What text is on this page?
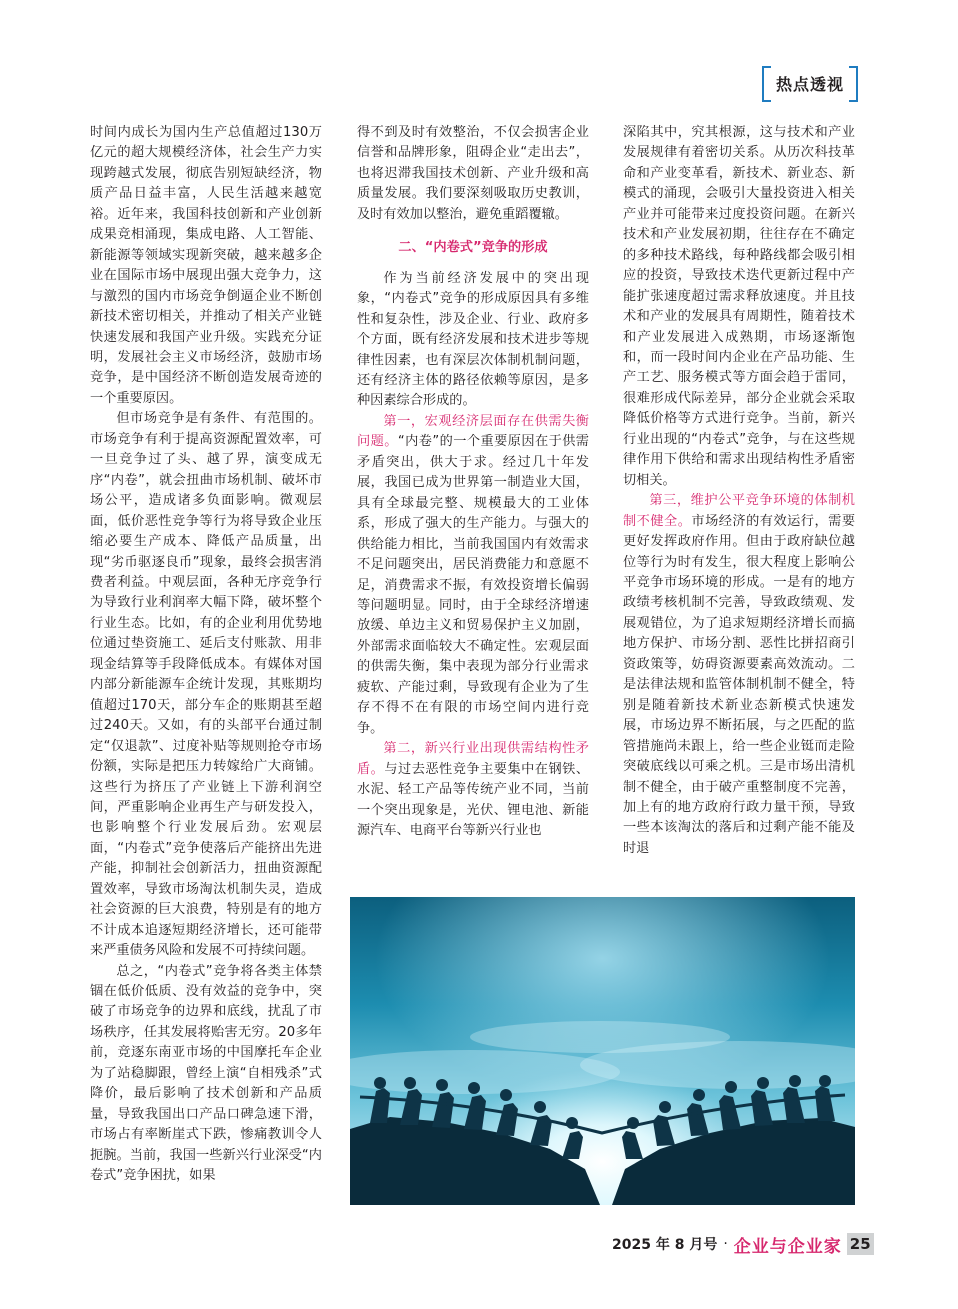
热点透视

时间内成长为国内生产总值超过130万亿元的超大规模经济体，社会生产力实现跨越式发展，彻底告别短缺经济，物质产品日益丰富，人民生活越来越宽裕。近年来，我国科技创新和产业创新成果竞相涌现，集成电路、人工智能、新能源等领域实现新突破，越来越多企业在国际市场中展现出强大竞争力，这与激烈的国内市场竞争倒逼企业不断创新技术密切相关，并推动了相关产业链快速发展和我国产业升级。实践充分证明，发展社会主义市场经济，鼓励市场竞争，是中国经济不断创造发展奇迹的一个重要原因。

但市场竞争是有条件、有范围的。市场竞争有利于提高资源配置效率，可一旦竞争过了头、越了界，演变成无序“内卷”，就会扭曲市场机制、破坏市场公平，造成诸多负面影响。微观层面，低价恶性竞争等行为将导致企业压缩必要生产成本、降低产品质量，出现“劣币驱逐良币”现象，最终会损害消费者利益。中观层面，各种无序竞争行为导致行业利润率大幅下降，破坏整个行业生态。比如，有的企业利用优势地位通过垫资施工、延后支付账款、用非现金结算等手段降低成本。有媒体对国内部分新能源车企统计发现，其账期均值超过170天，部分车企的账期甚至超过240天。又如，有的头部平台通过制定“仅退款”、过度补贴等规则抢夺市场份额，实际是把压力转嫁给广大商铺。这些行为挤压了产业链上下游利润空间，严重影响企业再生产与研发投入，也影响整个行业发展后劲。宏观层面，“内卷式”竞争使落后产能挤出先进产能，抑制社会创新活力，扭曲资源配置效率，导致市场淘汰机制失灵，造成社会资源的巨大浪费，特别是有的地方不计成本追逐短期经济增长，还可能带来严重债务风险和发展不可持续问题。

总之，“内卷式”竞争将各类主体禁锢在低价低质、没有效益的竞争中，突破了市场竞争的边界和底线，扰乱了市场秩序，任其发展将贻害无穷。20多年前，竞逐东南亚市场的中国摩托车企业为了站稳脚跟，曾经上演“自相残杀”式降价，最后影响了技术创新和产品质量，导致我国出口产品口碑急速下滑，市场占有率断崖式下跌，惨痛教训令人扼腕。当前，我国一些新兴行业深受“内卷式”竞争困扰，如果

得不到及时有效整治，不仅会损害企业信誉和品牌形象，阻碍企业“走出去”，也将迟滞我国技术创新、产业升级和高质量发展。我们要深刻吸取历史教训，及时有效加以整治，避免重蹈覆辙。

二、“内卷式”竞争的形成

作为当前经济发展中的突出现象，“内卷式”竞争的形成原因具有多维性和复杂性，涉及企业、行业、政府多个方面，既有经济发展和技术进步等规律性因素，也有深层次体制机制问题，还有经济主体的路径依赖等原因，是多种因素综合形成的。

第一，宏观经济层面存在供需失衡问题。“内卷”的一个重要原因在于供需矛盾突出，供大于求。经过几十年发展，我国已成为世界第一制造业大国，具有全球最完整、规模最大的工业体系，形成了强大的生产能力。与强大的供给能力相比，当前我国国内有效需求不足问题突出，居民消费能力和意愿不足，消费需求不振，有效投资增长偏弱等问题明显。同时，由于全球经济增速放缓、单边主义和贸易保护主义加剧，外部需求面临较大不确定性。宏观层面的供需失衡，集中表现为部分行业需求疲软、产能过剩，导致现有企业为了生存不得不在有限的市场空间内进行竞争。

第二，新兴行业出现供需结构性矛盾。与过去恶性竞争主要集中在钢铁、水泥、轻工产品等传统产业不同，当前一个突出现象是，光伏、锂电池、新能源汽车、电商平台等新兴行业也

深陷其中，究其根源，这与技术和产业发展规律有着密切关系。从历次科技革命和产业变革看，新技术、新业态、新模式的涌现，会吸引大量投资进入相关产业并可能带来过度投资问题。在新兴技术和产业发展初期，往往存在不确定的多种技术路线，每种路线都会吸引相应的投资，导致技术迭代更新过程中产能扩张速度超过需求释放速度。并且技术和产业的发展具有周期性，随着技术和产业发展进入成熟期，市场逐渐饱和，而一段时间内企业在产品功能、生产工艺、服务模式等方面会趋于雷同，很难形成代际差异，部分企业就会采取降低价格等方式进行竞争。当前，新兴行业出现的“内卷式”竞争，与在这些规律作用下供给和需求出现结构性矛盾密切相关。

第三，维护公平竞争环境的体制机制不健全。市场经济的有效运行，需要更好发挥政府作用。但由于政府缺位越位等行为时有发生，很大程度上影响公平竞争市场环境的形成。一是有的地方政绩考核机制不完善，导致政绩观、发展观错位，为了追求短期经济增长而搞地方保护、市场分割、恶性比拼招商引资政策等，妨碍资源要素高效流动。二是法律法规和监管体制机制不健全，特别是随着新技术新业态新模式快速发展，市场边界不断拓展，与之匹配的监管措施尚未跟上，给一些企业铤而走险突破底线以可乘之机。三是市场出清机制不健全，由于破产重整制度不完善，加上有的地方政府行政力量干预，导致一些本该淘汰的落后和过剩产能不能及时退

2025 年 8 月号 · 企业与企业家 25
